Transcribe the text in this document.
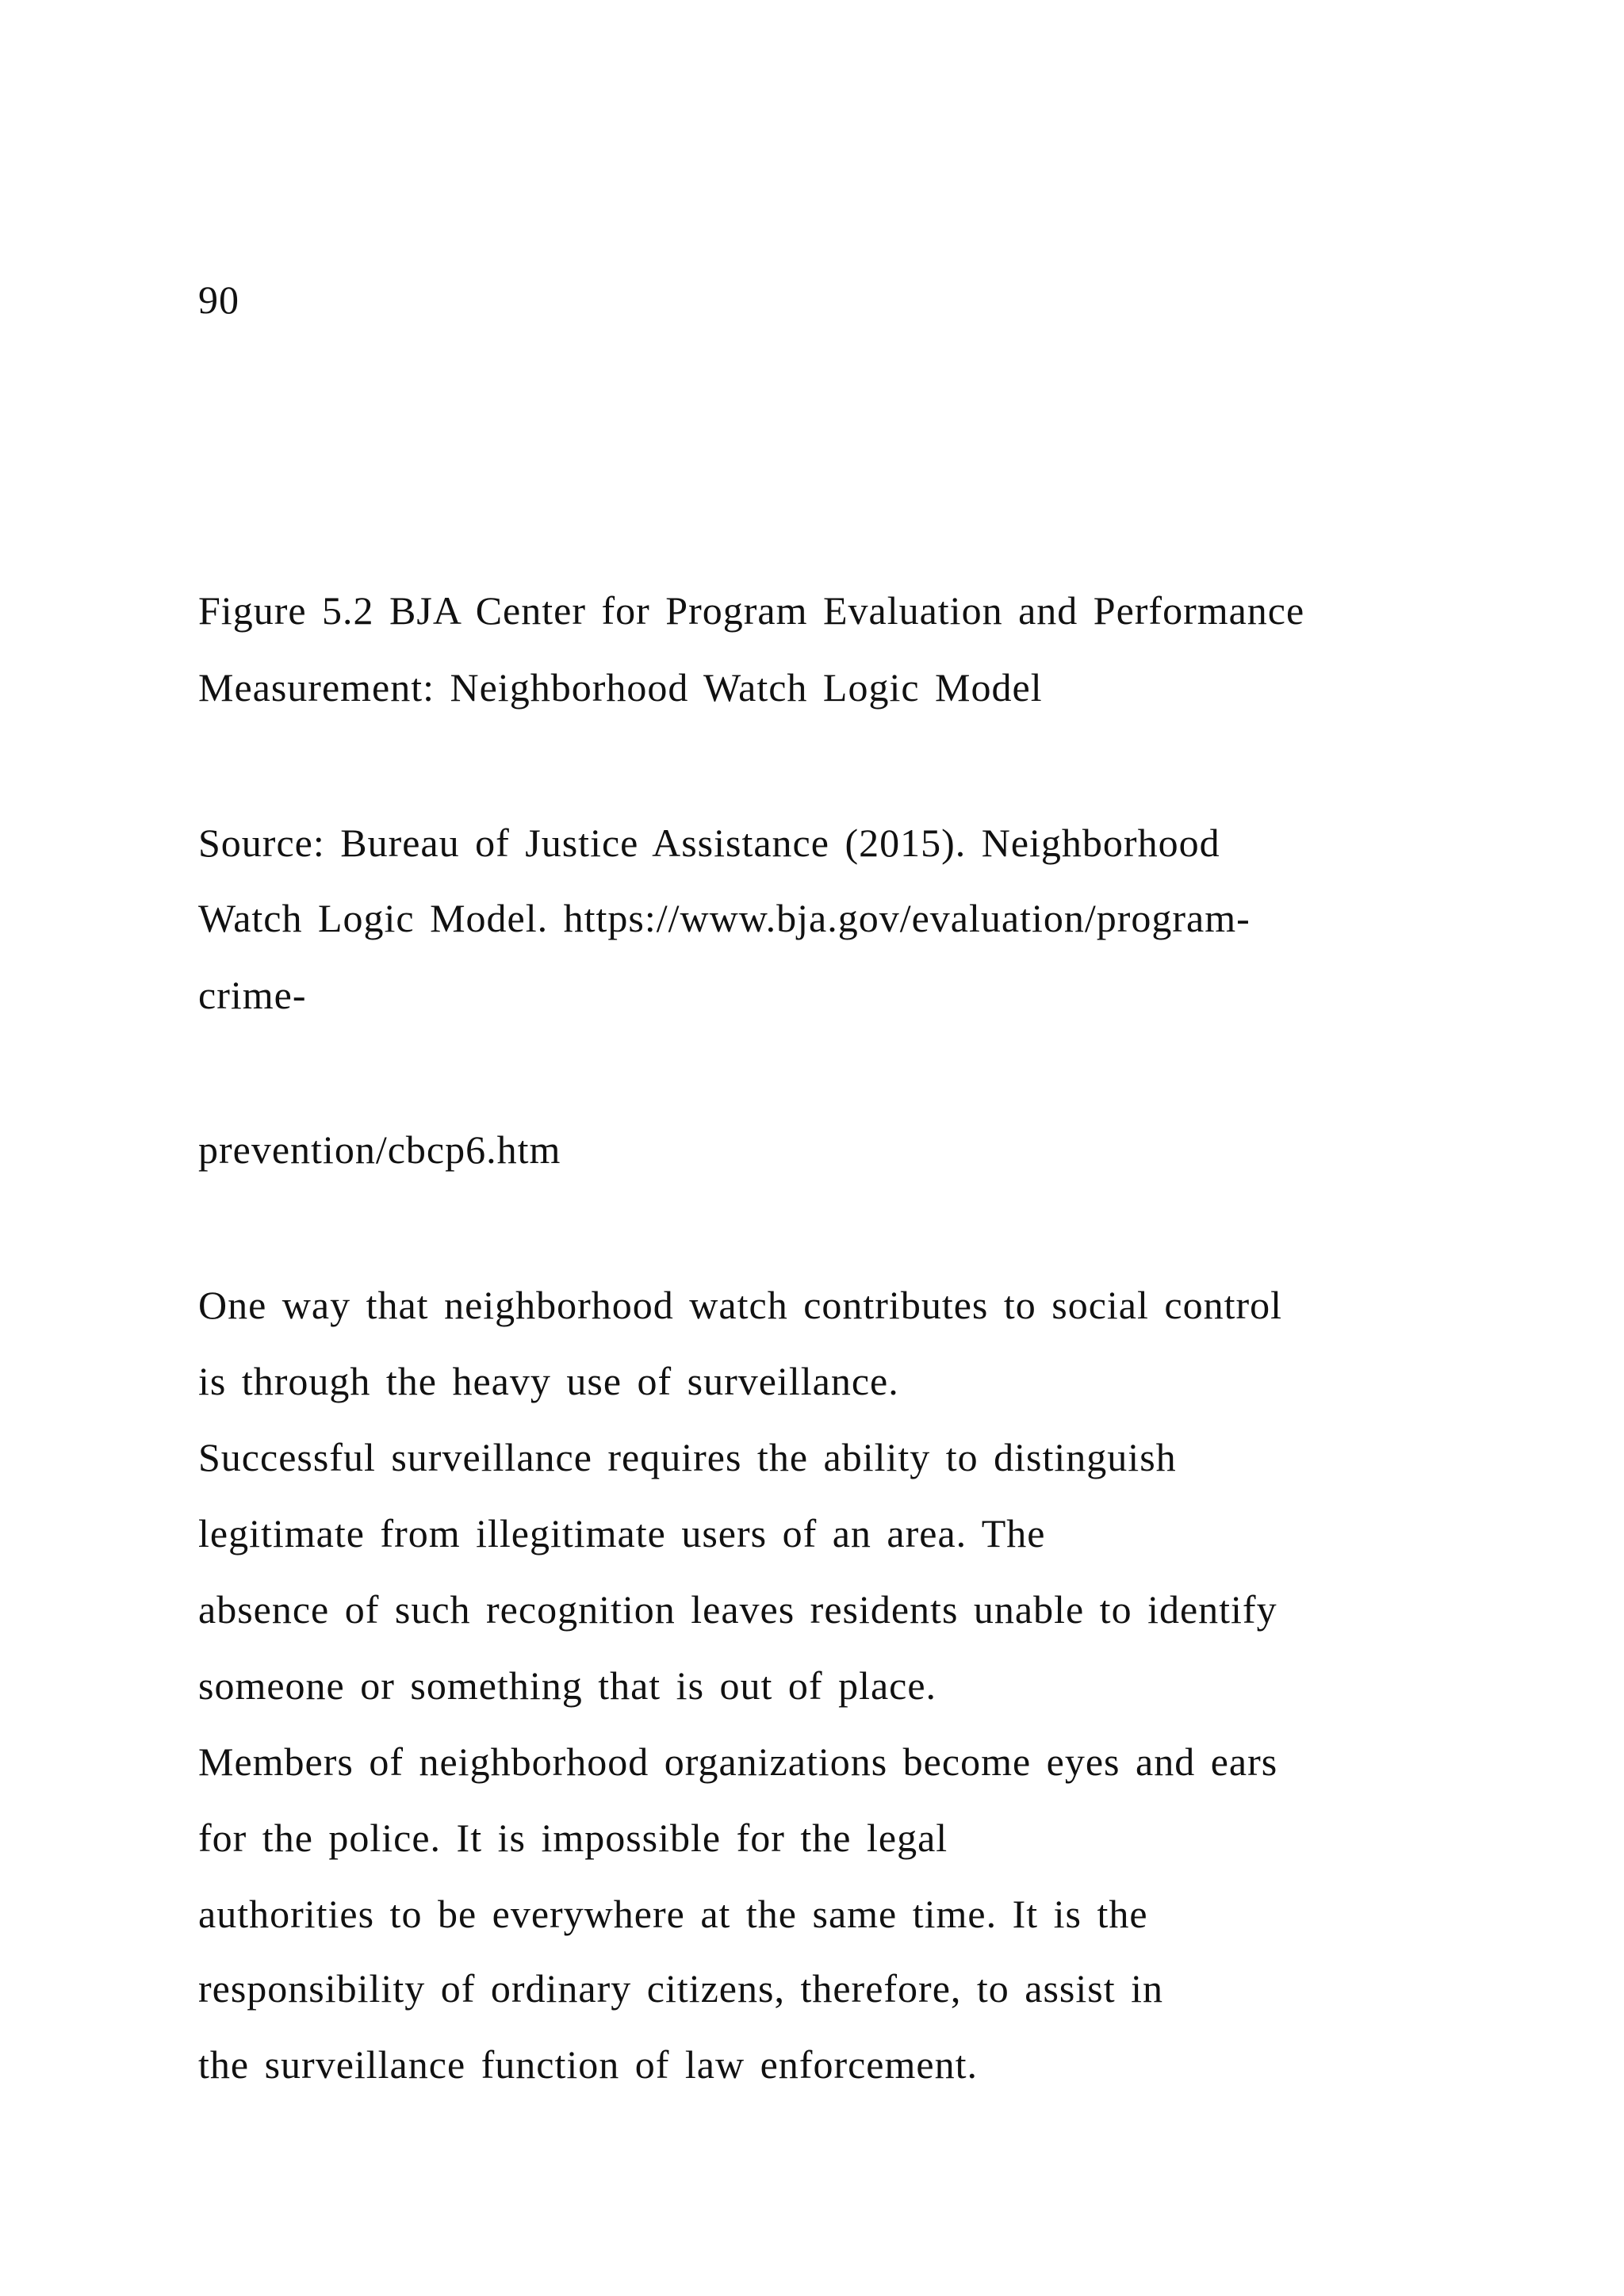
90
Figure 5.2 BJA Center for Program Evaluation and Performance
Measurement: Neighborhood Watch Logic Model
Source: Bureau of Justice Assistance (2015). Neighborhood
Watch Logic Model. https://www.bja.gov/evaluation/program-
crime-
prevention/cbcp6.htm
One way that neighborhood watch contributes to social control
is through the heavy use of surveillance.
Successful surveillance requires the ability to distinguish
legitimate from illegitimate users of an area. The
absence of such recognition leaves residents unable to identify
someone or something that is out of place.
Members of neighborhood organizations become eyes and ears
for the police. It is impossible for the legal
authorities to be everywhere at the same time. It is the
responsibility of ordinary citizens, therefore, to assist in
the surveillance function of law enforcement.
